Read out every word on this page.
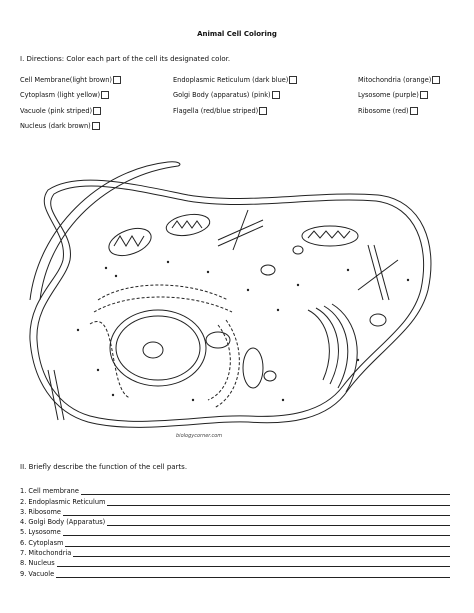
Animal Cell Coloring
I. Directions: Color each part of the cell its designated color.
Cell Membrane(light brown)	Endoplasmic Reticulum (dark blue)	Mitochondria (orange)
Cytoplasm (light yellow)	Golgi Body (apparatus) (pink)	Lysosome (purple)
Vacuole (pink striped)	Flagella (red/blue striped)	Ribosome (red)
Nucleus (dark brown)
biologycorner.com
II. Briefly describe the function of the cell parts.
1. Cell membrane
2. Endoplasmic Reticulum
3. Ribosome
4. Golgi Body (Apparatus)
5. Lysosome
6. Cytoplasm
7. Mitochondria
8. Nucleus
9. Vacuole
